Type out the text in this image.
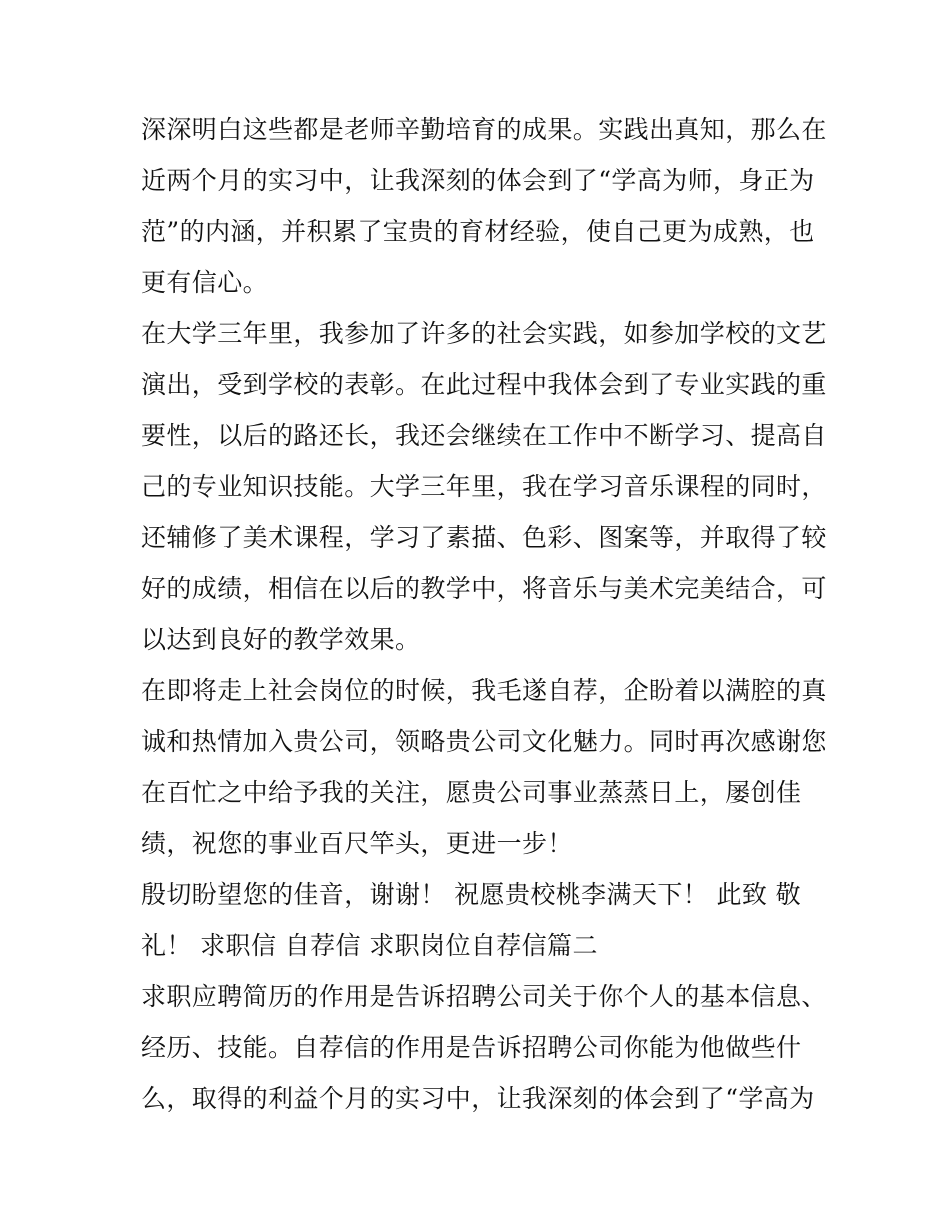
深深明白这些都是老师辛勤培育的成果。实践出真知，那么在
近两个月的实习中，让我深刻的体会到了“学高为师，身正为
范”的内涵，并积累了宝贵的育材经验，使自己更为成熟，也
更有信心。
在大学三年里，我参加了许多的社会实践，如参加学校的文艺
演出，受到学校的表彰。在此过程中我体会到了专业实践的重
要性，以后的路还长，我还会继续在工作中不断学习、提高自
己的专业知识技能。大学三年里，我在学习音乐课程的同时，
还辅修了美术课程，学习了素描、色彩、图案等，并取得了较
好的成绩，相信在以后的教学中，将音乐与美术完美结合，可
以达到良好的教学效果。
在即将走上社会岗位的时候，我毛遂自荐，企盼着以满腔的真
诚和热情加入贵公司，领略贵公司文化魅力。同时再次感谢您
在百忙之中给予我的关注，愿贵公司事业蒸蒸日上，屡创佳
绩，祝您的事业百尺竿头，更进一步！
殷切盼望您的佳音，谢谢！ 祝愿贵校桃李满天下！ 此致 敬
礼！ 求职信 自荐信 求职岗位自荐信篇二
求职应聘简历的作用是告诉招聘公司关于你个人的基本信息、
经历、技能。自荐信的作用是告诉招聘公司你能为他做些什
么，取得的利益个月的实习中，让我深刻的体会到了“学高为
